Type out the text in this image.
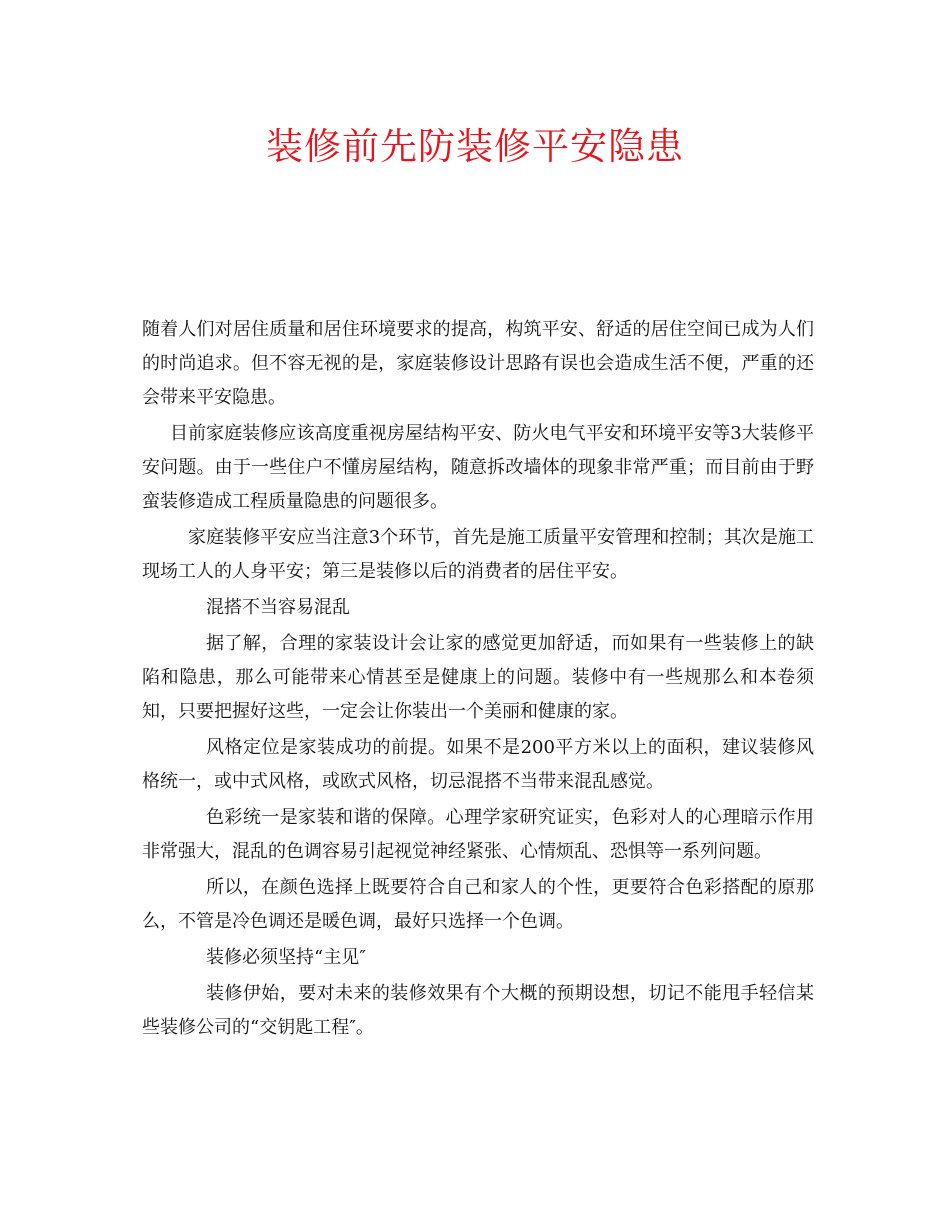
装修前先防装修平安隐患

随着人们对居住质量和居住环境要求的提高，构筑平安、舒适的居住空间已成为人们的时尚追求。但不容无视的是，家庭装修设计思路有误也会造成生活不便，严重的还会带来平安隐患。

目前家庭装修应该高度重视房屋结构平安、防火电气平安和环境平安等3大装修平安问题。由于一些住户不懂房屋结构，随意拆改墙体的现象非常严重；而目前由于野蛮装修造成工程质量隐患的问题很多。

家庭装修平安应当注意3个环节，首先是施工质量平安管理和控制；其次是施工现场工人的人身平安；第三是装修以后的消费者的居住平安。

混搭不当容易混乱

据了解，合理的家装设计会让家的感觉更加舒适，而如果有一些装修上的缺陷和隐患，那么可能带来心情甚至是健康上的问题。装修中有一些规那么和本卷须知，只要把握好这些，一定会让你装出一个美丽和健康的家。

风格定位是家装成功的前提。如果不是200平方米以上的面积，建议装修风格统一，或中式风格，或欧式风格，切忌混搭不当带来混乱感觉。

色彩统一是家装和谐的保障。心理学家研究证实，色彩对人的心理暗示作用非常强大，混乱的色调容易引起视觉神经紧张、心情烦乱、恐惧等一系列问题。

所以，在颜色选择上既要符合自己和家人的个性，更要符合色彩搭配的原那么，不管是冷色调还是暖色调，最好只选择一个色调。

装修必须坚持“主见″

装修伊始，要对未来的装修效果有个大概的预期设想，切记不能甩手轻信某些装修公司的“交钥匙工程″。
